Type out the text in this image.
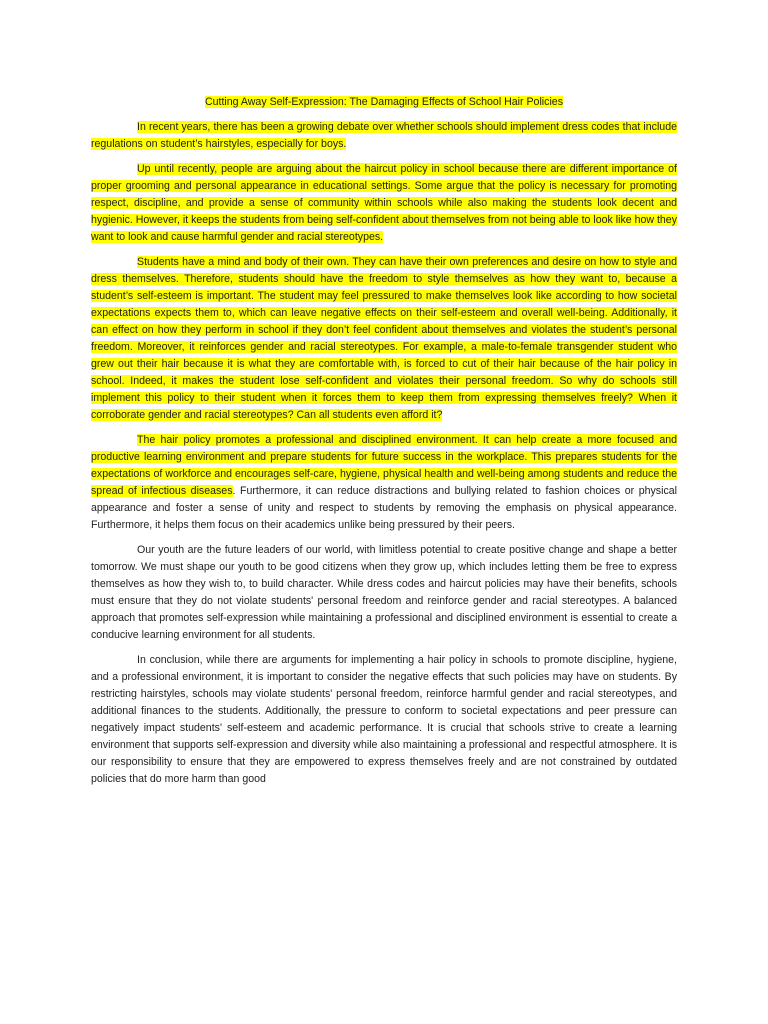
Cutting Away Self-Expression: The Damaging Effects of School Hair Policies

In recent years, there has been a growing debate over whether schools should implement dress codes that include regulations on student’s hairstyles, especially for boys.

Up until recently, people are arguing about the haircut policy in school because there are different importance of proper grooming and personal appearance in educational settings. Some argue that the policy is necessary for promoting respect, discipline, and provide a sense of community within schools while also making the students look decent and hygienic. However, it keeps the students from being self-confident about themselves from not being able to look like how they want to look and cause harmful gender and racial stereotypes.

Students have a mind and body of their own. They can have their own preferences and desire on how to style and dress themselves. Therefore, students should have the freedom to style themselves as how they want to, because a student’s self-esteem is important. The student may feel pressured to make themselves look like according to how societal expectations expects them to, which can leave negative effects on their self-esteem and overall well-being. Additionally, it can effect on how they perform in school if they don’t feel confident about themselves and violates the student’s personal freedom. Moreover, it reinforces gender and racial stereotypes. For example, a male-to-female transgender student who grew out their hair because it is what they are comfortable with, is forced to cut of their hair because of the hair policy in school. Indeed, it makes the student lose self-confident and violates their personal freedom. So why do schools still implement this policy to their student when it forces them to keep them from expressing themselves freely? When it corroborate gender and racial stereotypes? Can all students even afford it?

The hair policy promotes a professional and disciplined environment. It can help create a more focused and productive learning environment and prepare students for future success in the workplace. This prepares students for the expectations of workforce and encourages self-care, hygiene, physical health and well-being among students and reduce the spread of infectious diseases. Furthermore, it can reduce distractions and bullying related to fashion choices or physical appearance and foster a sense of unity and respect to students by removing the emphasis on physical appearance. Furthermore, it helps them focus on their academics unlike being pressured by their peers.

Our youth are the future leaders of our world, with limitless potential to create positive change and shape a better tomorrow. We must shape our youth to be good citizens when they grow up, which includes letting them be free to express themselves as how they wish to, to build character. While dress codes and haircut policies may have their benefits, schools must ensure that they do not violate students' personal freedom and reinforce gender and racial stereotypes. A balanced approach that promotes self-expression while maintaining a professional and disciplined environment is essential to create a conducive learning environment for all students.

In conclusion, while there are arguments for implementing a hair policy in schools to promote discipline, hygiene, and a professional environment, it is important to consider the negative effects that such policies may have on students. By restricting hairstyles, schools may violate students' personal freedom, reinforce harmful gender and racial stereotypes, and additional finances to the students. Additionally, the pressure to conform to societal expectations and peer pressure can negatively impact students' self-esteem and academic performance. It is crucial that schools strive to create a learning environment that supports self-expression and diversity while also maintaining a professional and respectful atmosphere. It is our responsibility to ensure that they are empowered to express themselves freely and are not constrained by outdated policies that do more harm than good
